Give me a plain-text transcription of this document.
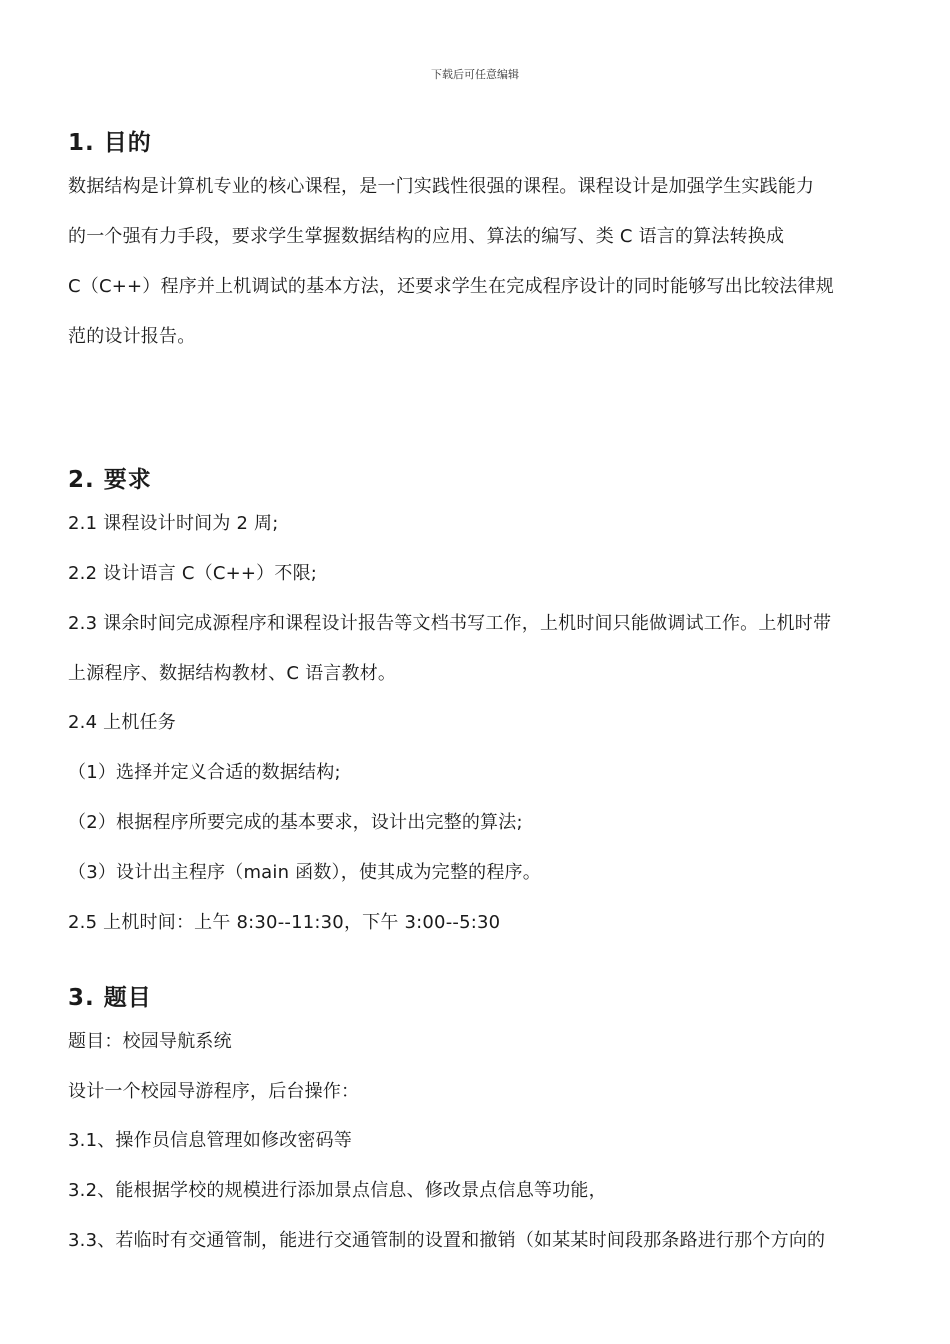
下载后可任意编辑
1. 目的
数据结构是计算机专业的核心课程，是一门实践性很强的课程。课程设计是加强学生实践能力
的一个强有力手段，要求学生掌握数据结构的应用、算法的编写、类 C 语言的算法转换成
C（C++）程序并上机调试的基本方法，还要求学生在完成程序设计的同时能够写出比较法律规
范的设计报告。
2. 要求
2.1 课程设计时间为 2 周;
2.2 设计语言 C（C++）不限;
2.3 课余时间完成源程序和课程设计报告等文档书写工作，上机时间只能做调试工作。上机时带
上源程序、数据结构教材、C 语言教材。
2.4 上机任务
（1）选择并定义合适的数据结构;
（2）根据程序所要完成的基本要求，设计出完整的算法;
（3）设计出主程序（main 函数），使其成为完整的程序。
2.5 上机时间：上午 8:30--11:30，下午 3:00--5:30
3. 题目
题目：校园导航系统
设计一个校园导游程序，后台操作：
3.1、操作员信息管理如修改密码等
3.2、能根据学校的规模进行添加景点信息、修改景点信息等功能，
3.3、若临时有交通管制，能进行交通管制的设置和撤销（如某某时间段那条路进行那个方向的
